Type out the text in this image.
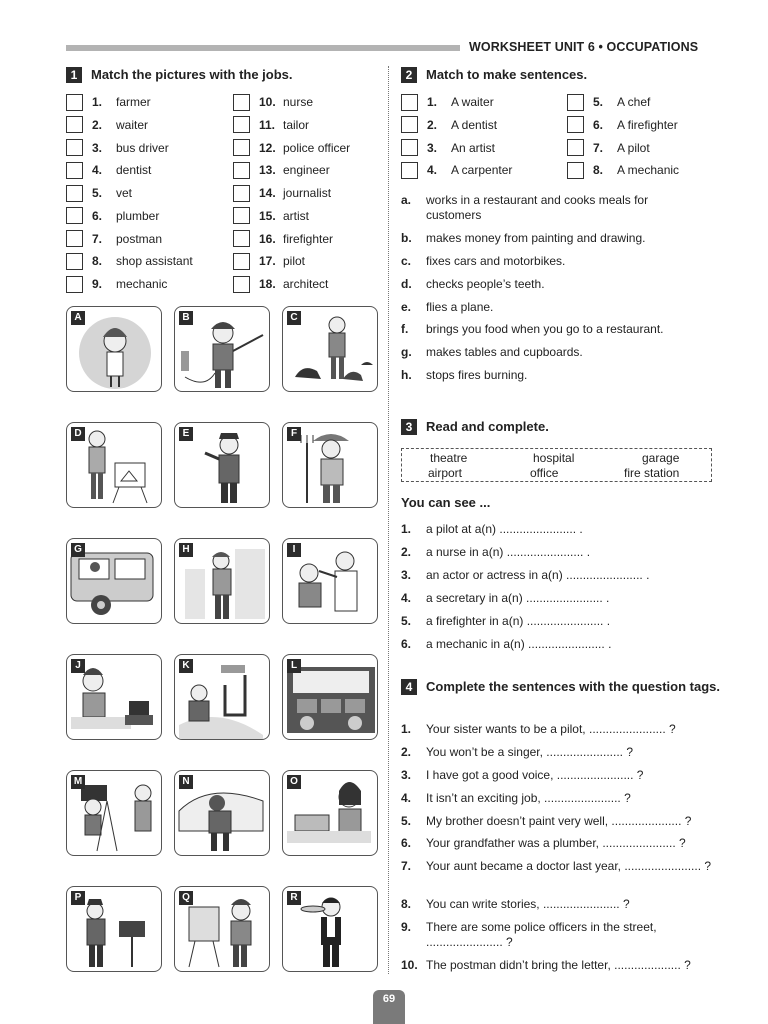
WORKSHEET UNIT 6 • OCCUPATIONS
1	Match the pictures with the jobs.
1.	farmer
2.	waiter
3.	bus driver
4.	dentist
5.	vet
6.	plumber
7.	postman
8.	shop assistant
9.	mechanic
10. nurse
11. tailor
12. police officer
13. engineer
14. journalist
15. artist
16. firefighter
17. pilot
18. architect
A	B	C
D	E	F
G	H	I
J	K	L
M	N	O
P	Q	R
2	Match to make sentences.
1.	A waiter
2.	A dentist
3.	An artist
4.	A carpenter
5.	A chef
6.	A firefighter
7.	A pilot
8.	A mechanic
a.	works in a restaurant and cooks meals for customers
b.	makes money from painting and drawing.
c.	fixes cars and motorbikes.
d.	checks people’s teeth.
e.	flies a plane.
f.	brings you food when you go to a restaurant.
g.	makes tables and cupboards.
h.	stops fires burning.
3	Read and complete.
theatre	hospital	garage
airport	office	fire station
You can see ...
1.	a pilot at a(n) ....................... .
2.	a nurse in a(n) ....................... .
3.	an actor or actress in a(n) ....................... .
4.	a secretary in a(n) ....................... .
5.	a firefighter in a(n) ....................... .
6.	a mechanic in a(n) ....................... .
4	Complete the sentences with the question tags.
1.	Your sister wants to be a pilot, ....................... ?
2.	You won’t be a singer, ....................... ?
3.	I have got a good voice, ....................... ?
4.	It isn’t an exciting job, ....................... ?
5.	My brother doesn’t paint very well, ..................... ?
6.	Your grandfather was a plumber, ...................... ?
7.	Your aunt became a doctor last year, ....................... ?
8.	You can write stories, ....................... ?
9.	There are some police officers in the street, ....................... ?
10. The postman didn’t bring the letter, .................... ?
69
